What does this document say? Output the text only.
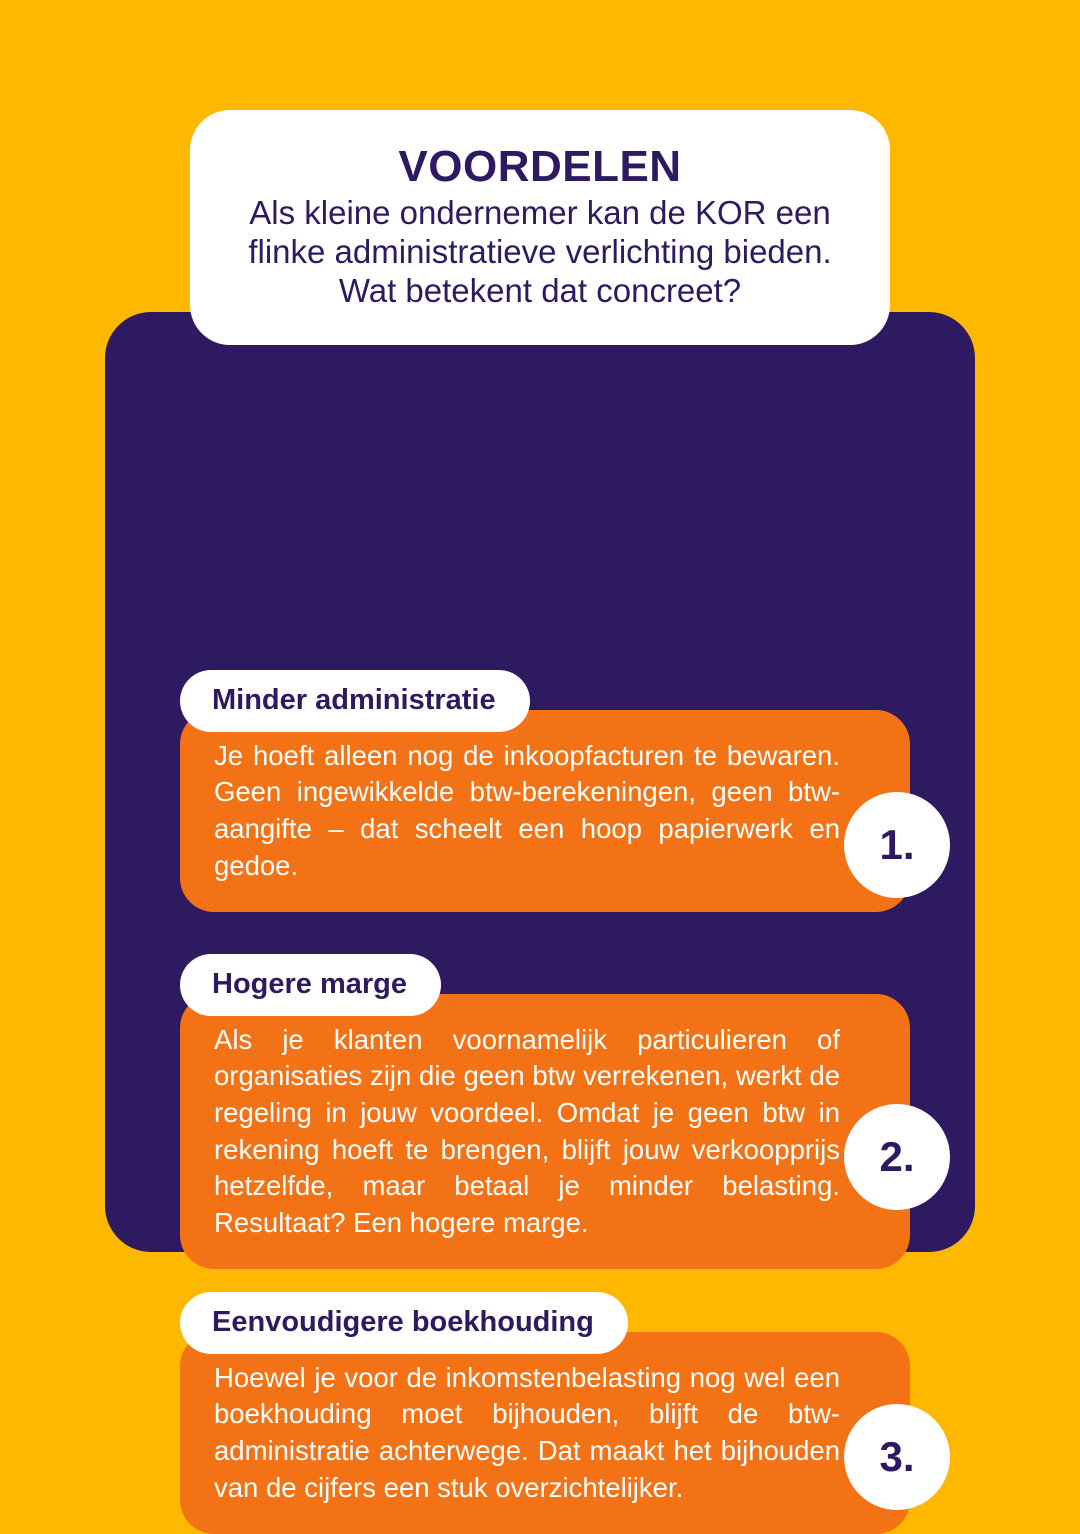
Minder administratie
Je hoeft alleen nog de inkoopfacturen te bewaren. Geen ingewikkelde btw-berekeningen, geen btw-aangifte – dat scheelt een hoop papierwerk en gedoe.	1.
Hogere marge
Als je klanten voornamelijk particulieren of organisaties zijn die geen btw verrekenen, werkt de regeling in jouw voordeel. Omdat je geen btw in rekening hoeft te brengen, blijft jouw verkoopprijs hetzelfde, maar betaal je minder belasting. Resultaat? Een hogere marge.
2.
Eenvoudigere boekhouding
Hoewel je voor de inkomstenbelasting nog wel een boekhouding moet bijhouden, blijft de btw-administratie achterwege. Dat maakt het bijhouden van de cijfers een stuk overzichtelijker.
3.
VOORDELEN
Als kleine ondernemer kan de KOR een flinke administratieve verlichting bieden. Wat betekent dat concreet?
